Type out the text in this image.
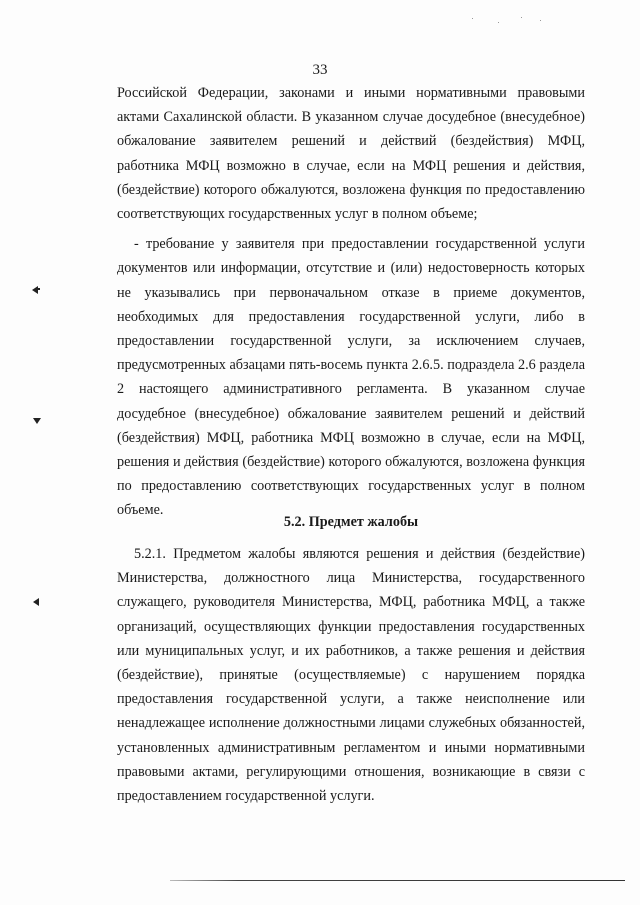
33

Российской Федерации, законами и иными нормативными правовыми актами Сахалинской области. В указанном случае досудебное (внесудебное) обжалование заявителем решений и действий (бездействия) МФЦ, работника МФЦ возможно в случае, если на МФЦ решения и действия, (бездействие) которого обжалуются, возложена функция по предоставлению соответствующих государственных услуг в полном объеме;

- требование у заявителя при предоставлении государственной услуги документов или информации, отсутствие и (или) недостоверность которых не указывались при первоначальном отказе в приеме документов, необходимых для предоставления государственной услуги, либо в предоставлении государственной услуги, за исключением случаев, предусмотренных абзацами пять-восемь пункта 2.6.5. подраздела 2.6 раздела 2 настоящего административного регламента. В указанном случае досудебное (внесудебное) обжалование заявителем решений и действий (бездействия) МФЦ, работника МФЦ возможно в случае, если на МФЦ, решения и действия (бездействие) которого обжалуются, возложена функция по предоставлению соответствующих государственных услуг в полном объеме.

5.2. Предмет жалобы

5.2.1. Предметом жалобы являются решения и действия (бездействие) Министерства, должностного лица Министерства, государственного служащего, руководителя Министерства, МФЦ, работника МФЦ, а также организаций, осуществляющих функции предоставления государственных или муниципальных услуг, и их работников, а также решения и действия (бездействие), принятые (осуществляемые) с нарушением порядка предоставления государственной услуги, а также неисполнение или ненадлежащее исполнение должностными лицами служебных обязанностей, установленных административным регламентом и иными нормативными правовыми актами, регулирующими отношения, возникающие в связи с предоставлением государственной услуги.
